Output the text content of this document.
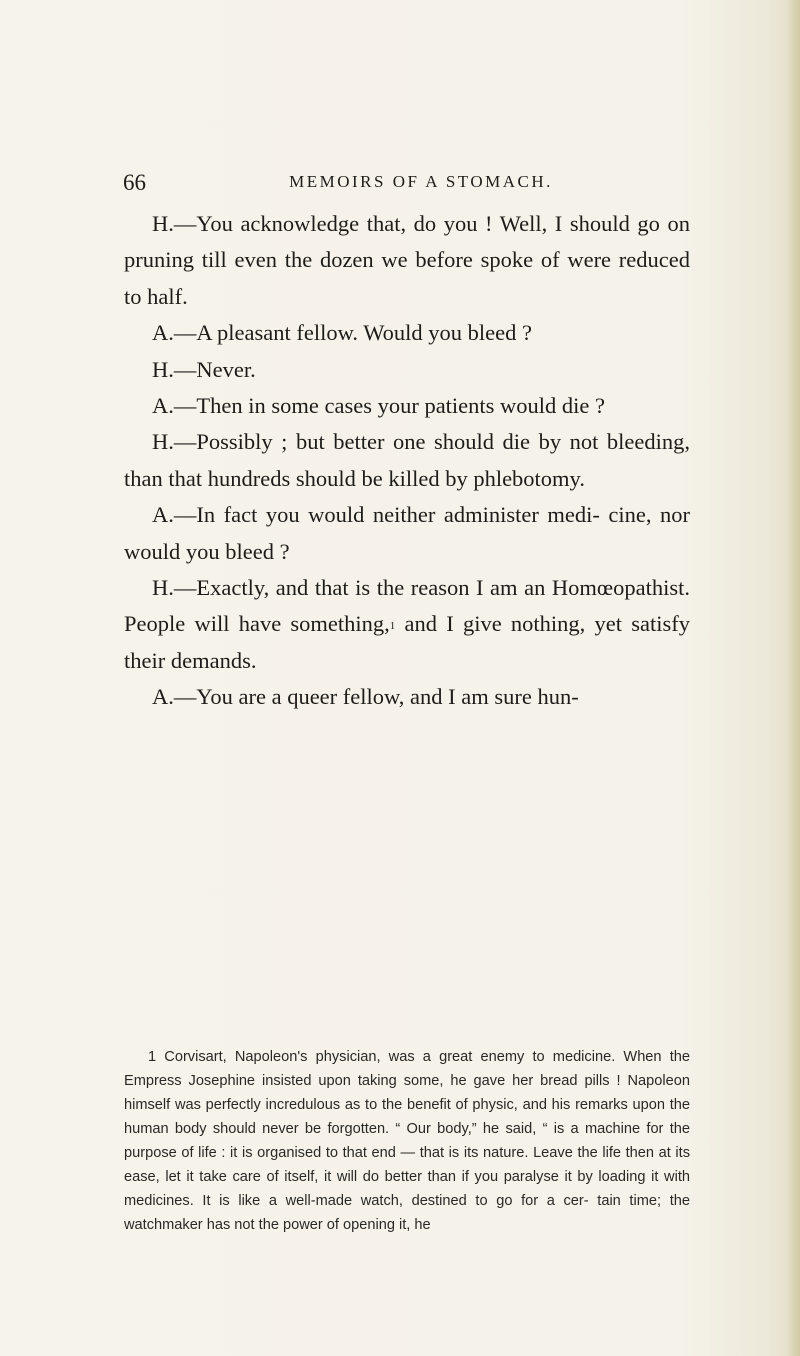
66	MEMOIRS OF A STOMACH.

H.—You acknowledge that, do you ! Well, I should go on pruning till even the dozen we before spoke of were reduced to half.

A.—A pleasant fellow. Would you bleed ?

H.—Never.

A.—Then in some cases your patients would die ?

H.—Possibly ; but better one should die by not bleeding, than that hundreds should be killed by phlebotomy.

A.—In fact you would neither administer medi- cine, nor would you bleed ?

H.—Exactly, and that is the reason I am an Homœopathist. People will have something,$^1$ and I give nothing, yet satisfy their demands.

A.—You are a queer fellow, and I am sure hun-

1 Corvisart, Napoleon's physician, was a great enemy to medicine. When the Empress Josephine insisted upon taking some, he gave her bread pills ! Napoleon himself was perfectly incredulous as to the benefit of physic, and his remarks upon the human body should never be forgotten. “ Our body,” he said, “ is a machine for the purpose of life : it is organised to that end — that is its nature. Leave the life then at its ease, let it take care of itself, it will do better than if you paralyse it by loading it with medicines. It is like a well-made watch, destined to go for a cer- tain time; the watchmaker has not the power of opening it, he
